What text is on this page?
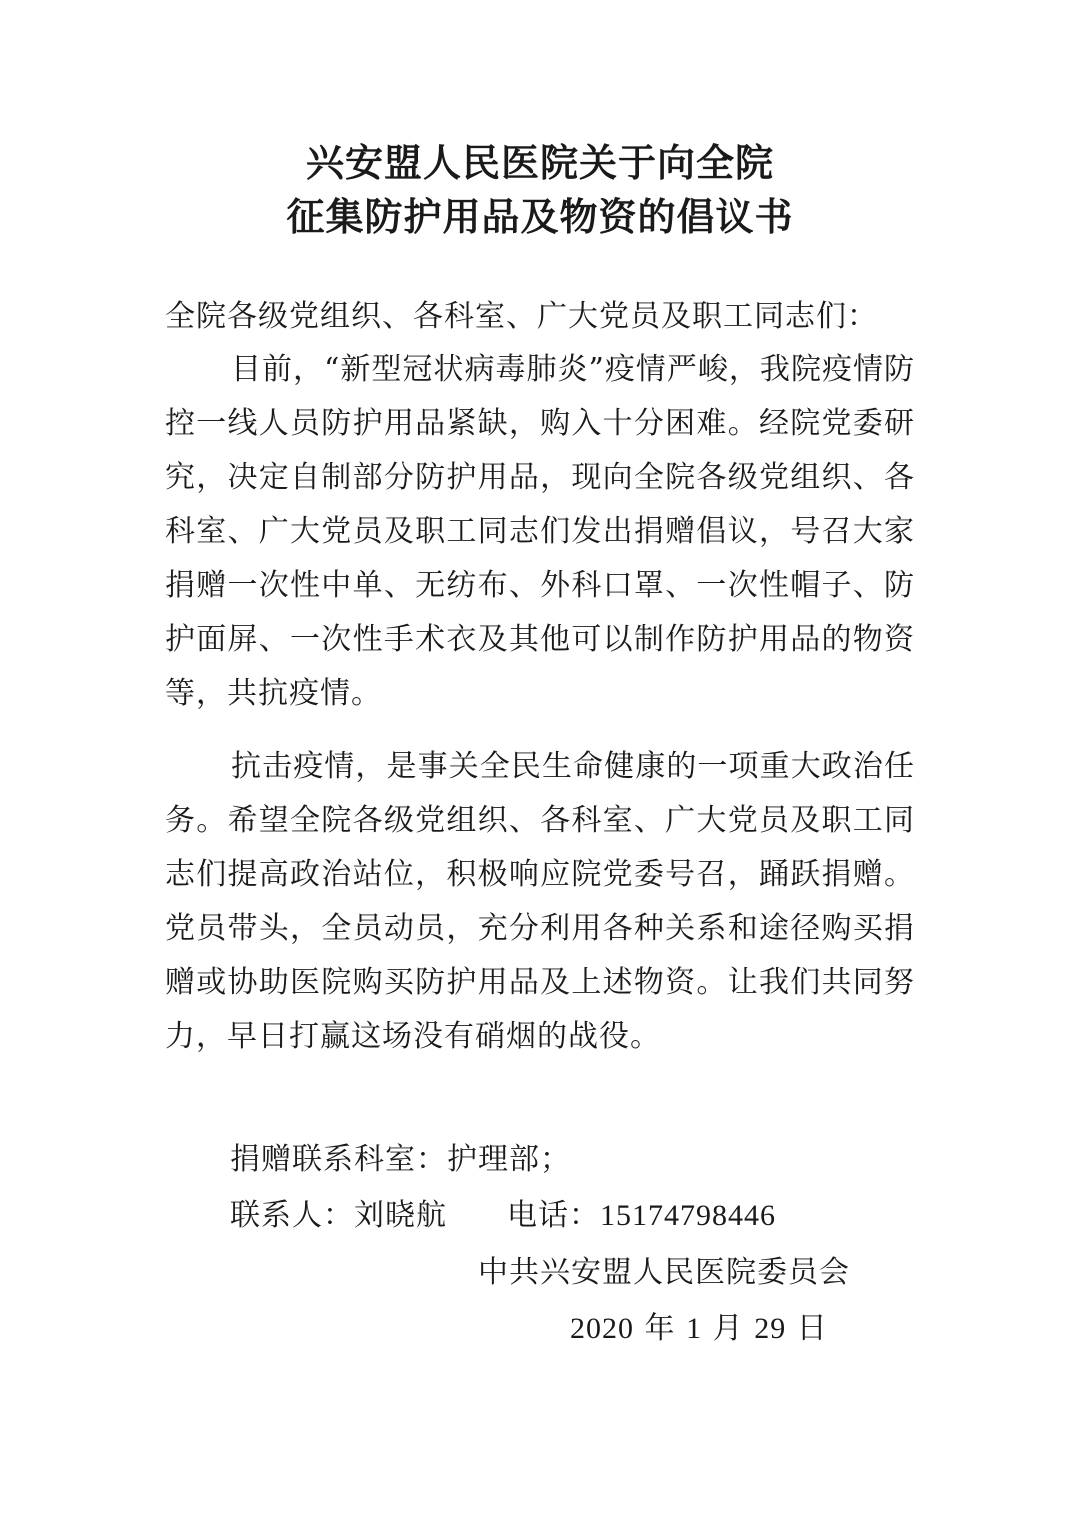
兴安盟人民医院关于向全院
征集防护用品及物资的倡议书
全院各级党组织、各科室、广大党员及职工同志们：
目前，“新型冠状病毒肺炎”疫情严峻，我院疫情防控一线人员防护用品紧缺，购入十分困难。经院党委研究，决定自制部分防护用品，现向全院各级党组织、各科室、广大党员及职工同志们发出捐赠倡议，号召大家捐赠一次性中单、无纺布、外科口罩、一次性帽子、防护面屏、一次性手术衣及其他可以制作防护用品的物资等，共抗疫情。
抗击疫情，是事关全民生命健康的一项重大政治任务。希望全院各级党组织、各科室、广大党员及职工同志们提高政治站位，积极响应院党委号召，踊跃捐赠。党员带头，全员动员，充分利用各种关系和途径购买捐赠或协助医院购买防护用品及上述物资。让我们共同努力，早日打赢这场没有硝烟的战役。
捐赠联系科室：护理部；
联系人：刘晓航 电话：15174798446
中共兴安盟人民医院委员会
2020 年 1 月 29 日
